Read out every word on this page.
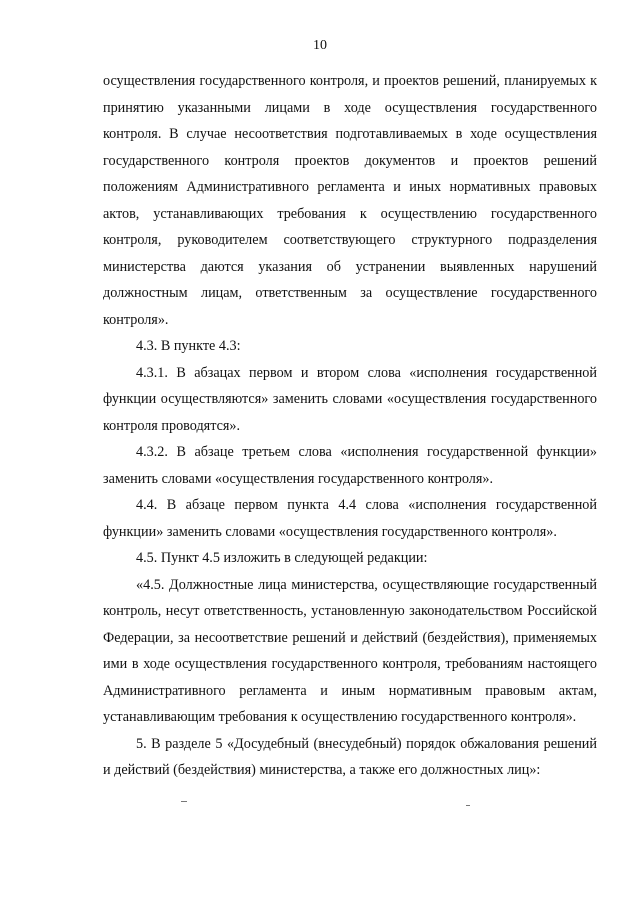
10

осуществления государственного контроля, и проектов решений, планируемых к принятию указанными лицами в ходе осуществления государственного контроля. В случае несоответствия подготавливаемых в ходе осуществления государственного контроля проектов документов и проектов решений положениям Административного регламента и иных нормативных правовых актов, устанавливающих требования к осуществлению государственного контроля, руководителем соответствующего структурного подразделения министерства даются указания об устранении выявленных нарушений должностным лицам, ответственным за осуществление государственного контроля».

4.3. В пункте 4.3:

4.3.1. В абзацах первом и втором слова «исполнения государственной функции осуществляются» заменить словами «осуществления государственного контроля проводятся».

4.3.2. В абзаце третьем слова «исполнения государственной функции» заменить словами «осуществления государственного контроля».

4.4. В абзаце первом пункта 4.4 слова «исполнения государственной функции» заменить словами «осуществления государственного контроля».

4.5. Пункт 4.5 изложить в следующей редакции:

«4.5. Должностные лица министерства, осуществляющие государственный контроль, несут ответственность, установленную законодательством Российской Федерации, за несоответствие решений и действий (бездействия), применяемых ими в ходе осуществления государственного контроля, требованиям настоящего Административного регламента и иным нормативным правовым актам, устанавливающим требования к осуществлению государственного контроля».

5. В разделе 5 «Досудебный (внесудебный) порядок обжалования решений и действий (бездействия) министерства, а также его должностных лиц»:
